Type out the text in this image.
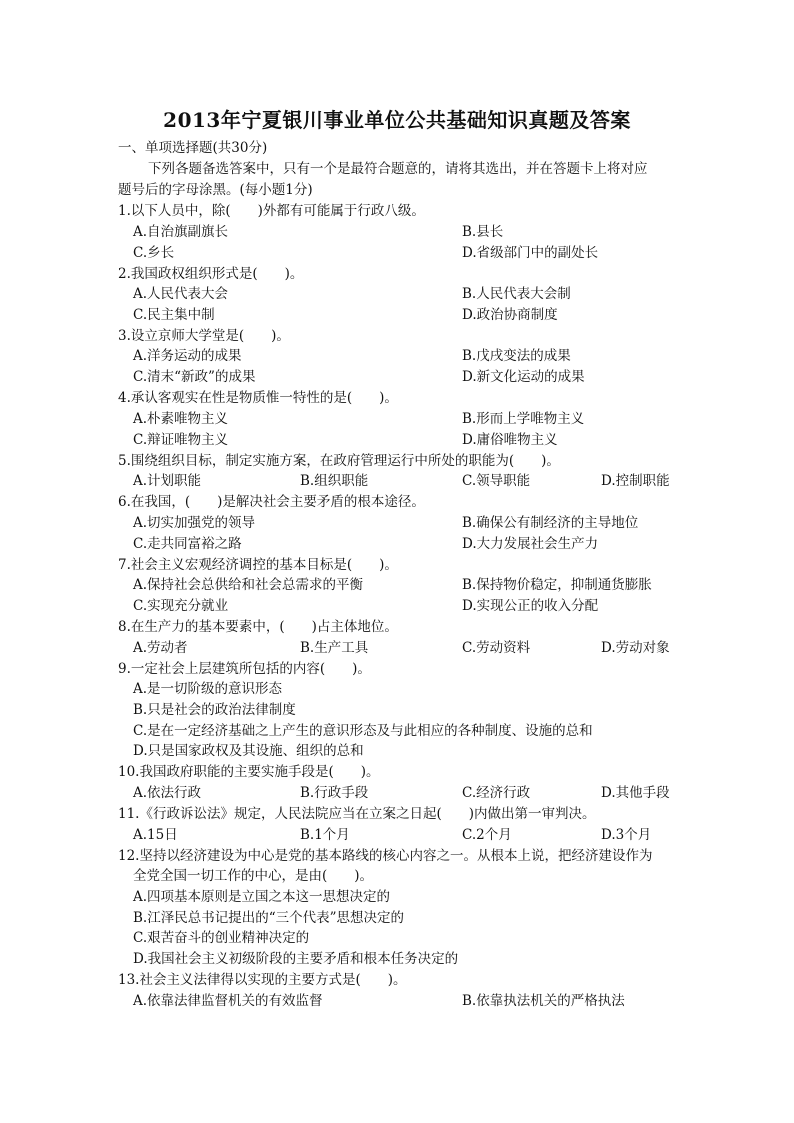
2013年宁夏银川事业单位公共基础知识真题及答案
一、单项选择题(共30分)
下列各题备选答案中，只有一个是最符合题意的，请将其选出，并在答题卡上将对应
题号后的字母涂黑。(每小题1分)
1.以下人员中，除(　　)外都有可能属于行政八级。
A.自治旗副旗长	B.县长
C.乡长	D.省级部门中的副处长
2.我国政权组织形式是(　　)。
A.人民代表大会	B.人民代表大会制
C.民主集中制	D.政治协商制度
3.设立京师大学堂是(　　)。
A.洋务运动的成果	B.戊戌变法的成果
C.清末“新政”的成果	D.新文化运动的成果
4.承认客观实在性是物质惟一特性的是(　　)。
A.朴素唯物主义	B.形而上学唯物主义
C.辩证唯物主义	D.庸俗唯物主义
5.围绕组织目标，制定实施方案，在政府管理运行中所处的职能为(　　)。
A.计划职能	B.组织职能	C.领导职能	D.控制职能
6.在我国，(　　)是解决社会主要矛盾的根本途径。
A.切实加强党的领导	B.确保公有制经济的主导地位
C.走共同富裕之路	D.大力发展社会生产力
7.社会主义宏观经济调控的基本目标是(　　)。
A.保持社会总供给和社会总需求的平衡	B.保持物价稳定，抑制通货膨胀
C.实现充分就业	D.实现公正的收入分配
8.在生产力的基本要素中，(　　)占主体地位。
A.劳动者	B.生产工具	C.劳动资料	D.劳动对象
9.一定社会上层建筑所包括的内容(　　)。
A.是一切阶级的意识形态
B.只是社会的政治法律制度
C.是在一定经济基础之上产生的意识形态及与此相应的各种制度、设施的总和
D.只是国家政权及其设施、组织的总和
10.我国政府职能的主要实施手段是(　　)。
A.依法行政	B.行政手段	C.经济行政	D.其他手段
11.《行政诉讼法》规定，人民法院应当在立案之日起(　　)内做出第一审判决。
A.15日	B.1个月	C.2个月	D.3个月
12.坚持以经济建设为中心是党的基本路线的核心内容之一。从根本上说，把经济建设作为
全党全国一切工作的中心，是由(　　)。
A.四项基本原则是立国之本这一思想决定的
B.江泽民总书记提出的“三个代表”思想决定的
C.艰苦奋斗的创业精神决定的
D.我国社会主义初级阶段的主要矛盾和根本任务决定的
13.社会主义法律得以实现的主要方式是(　　)。
A.依靠法律监督机关的有效监督	B.依靠执法机关的严格执法
